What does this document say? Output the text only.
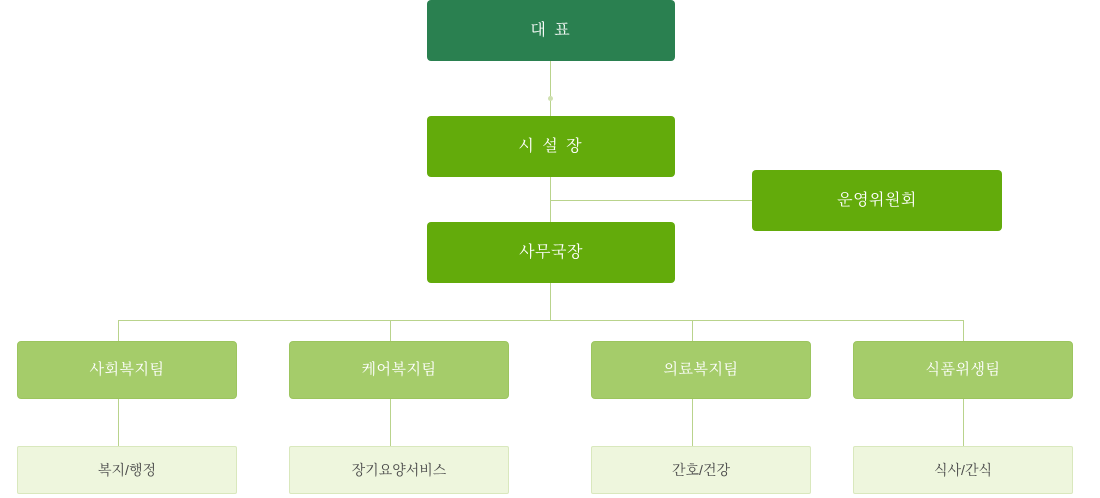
대 표
시 설 장
운영위원회
사무국장
사회복지팀	케어복지팀	의료복지팀	식품위생팀
복지/행정	장기요양서비스	간호/건강	식사/간식
